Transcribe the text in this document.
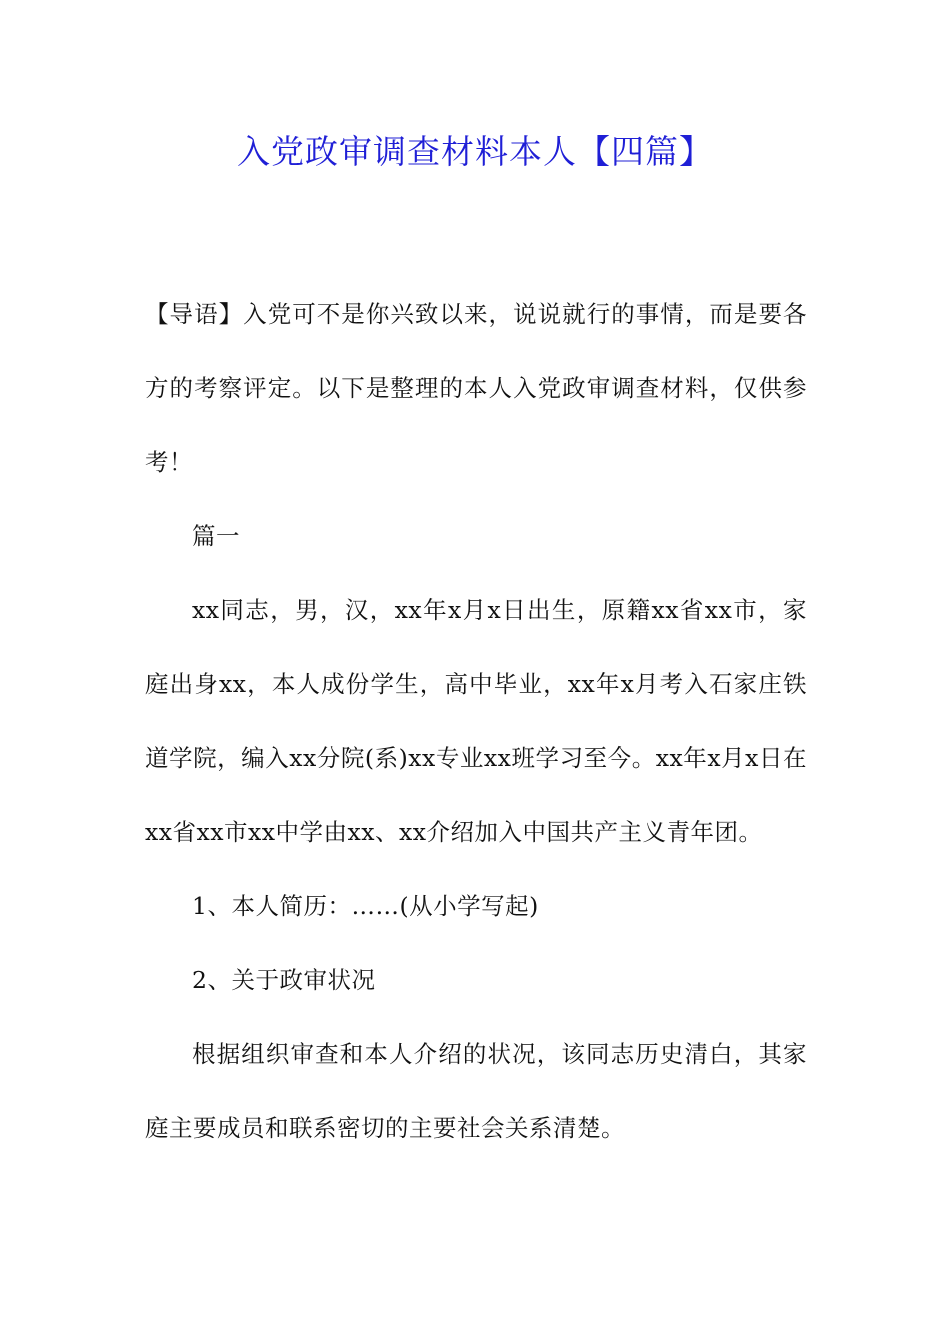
入党政审调查材料本人【四篇】

【导语】入党可不是你兴致以来，说说就行的事情，而是要各方的考察评定。以下是整理的本人入党政审调查材料，仅供参考！

篇一

xx同志，男，汉，xx年x月x日出生，原籍xx省xx市，家庭出身xx，本人成份学生，高中毕业，xx年x月考入石家庄铁道学院，编入xx分院(系)xx专业xx班学习至今。xx年x月x日在xx省xx市xx中学由xx、xx介绍加入中国共产主义青年团。

1、本人简历：……(从小学写起)

2、关于政审状况

根据组织审查和本人介绍的状况，该同志历史清白，其家庭主要成员和联系密切的主要社会关系清楚。
